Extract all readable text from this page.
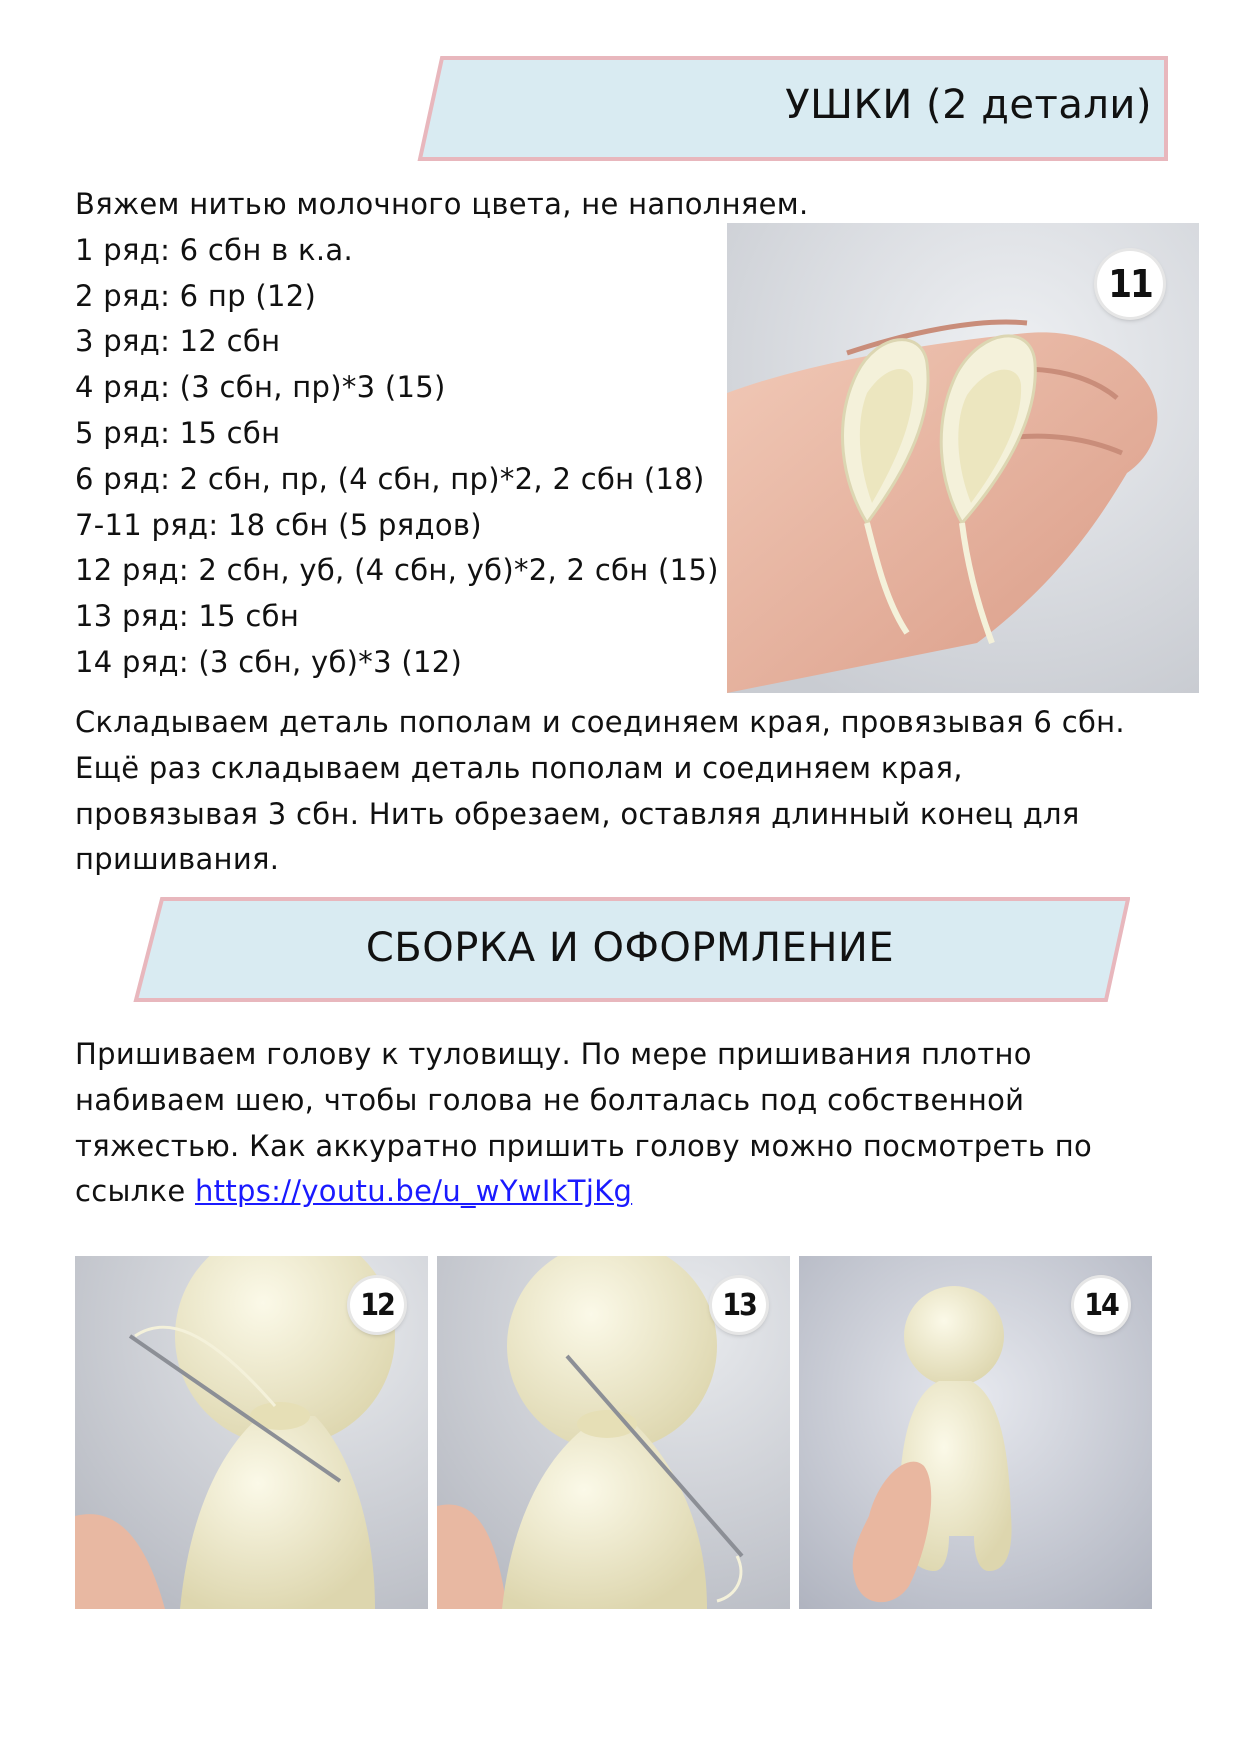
УШКИ (2 детали)
Вяжем нитью молочного цвета, не наполняем.
1 ряд: 6 сбн в к.а.
2 ряд: 6 пр (12)
3 ряд: 12 сбн
4 ряд: (3 сбн, пр)*3 (15)
5 ряд: 15 сбн
6 ряд: 2 сбн, пр, (4 сбн, пр)*2, 2 сбн (18)
7-11 ряд: 18 сбн (5 рядов)
12 ряд: 2 сбн, уб, (4 сбн, уб)*2, 2 сбн (15)
13 ряд: 15 сбн
14 ряд: (3 сбн, уб)*3 (12)
11
Складываем деталь пополам и соединяем края, провязывая 6 сбн.
Ещё раз складываем деталь пополам и соединяем края,
провязывая 3 сбн. Нить обрезаем, оставляя длинный конец для
пришивания.
СБОРКА И ОФОРМЛЕНИЕ
Пришиваем голову к туловищу. По мере пришивания плотно
набиваем шею, чтобы голова не болталась под собственной
тяжестью. Как аккуратно пришить голову можно посмотреть по
ссылке https://youtu.be/u_wYwIkTjKg
12	13	14
